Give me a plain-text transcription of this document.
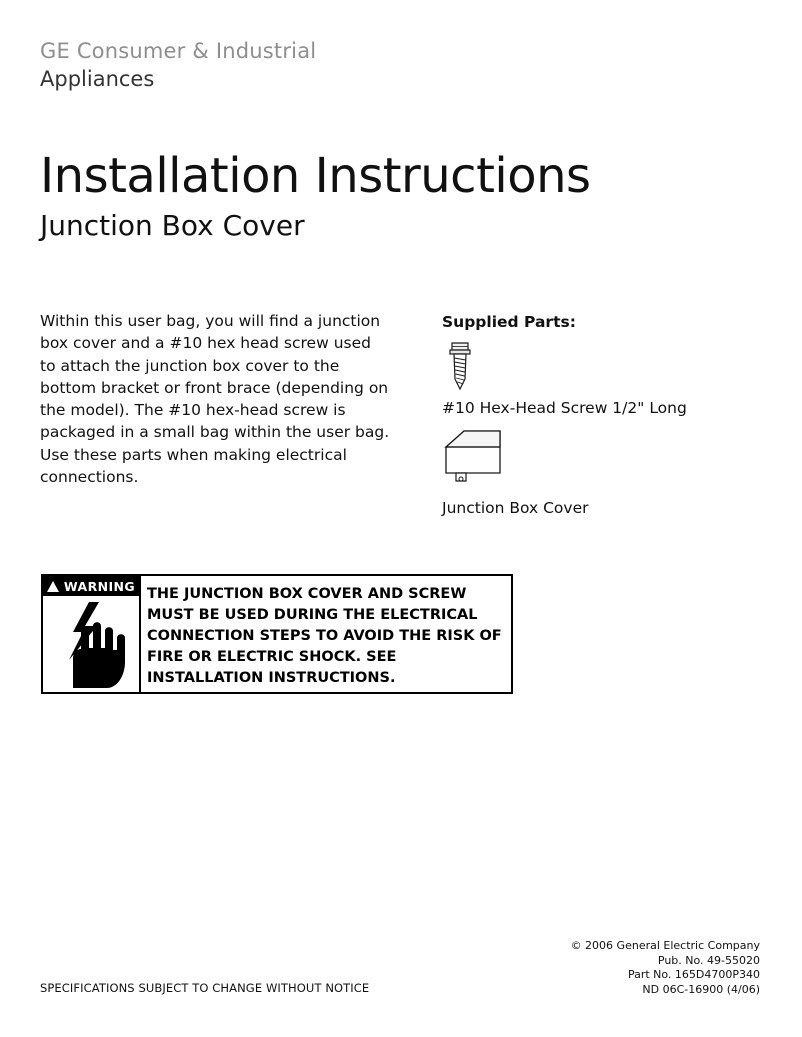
GE Consumer & Industrial
Appliances
Installation Instructions
Junction Box Cover
Within this user bag, you will find a junction box cover and a #10 hex head screw used to attach the junction box cover to the bottom bracket or front brace (depending on the model). The #10 hex-head screw is packaged in a small bag within the user bag. Use these parts when making electrical connections.
Supplied Parts:
#10 Hex-Head Screw 1/2" Long
Junction Box Cover
WARNING THE JUNCTION BOX COVER AND SCREW MUST BE USED DURING THE ELECTRICAL CONNECTION STEPS TO AVOID THE RISK OF FIRE OR ELECTRIC SHOCK. SEE INSTALLATION INSTRUCTIONS.
SPECIFICATIONS SUBJECT TO CHANGE WITHOUT NOTICE
© 2006 General Electric Company
Pub. No. 49-55020
Part No. 165D4700P340
ND 06C-16900 (4/06)
